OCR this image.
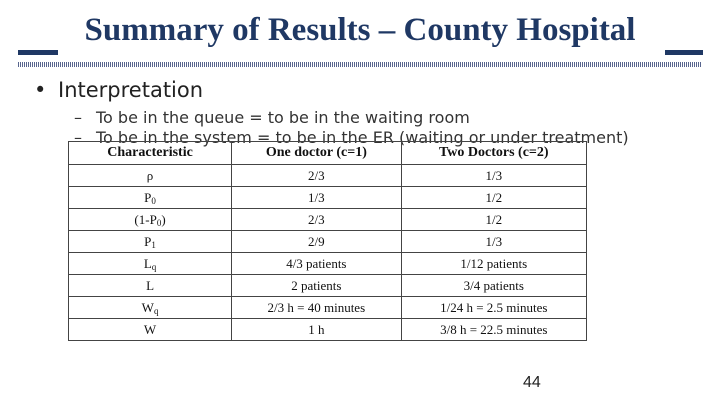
Summary of Results – County Hospital
• Interpretation
– To be in the queue = to be in the waiting room
– To be in the system = to be in the ER (waiting or under treatment)
Characteristic	One doctor (c=1)	Two Doctors (c=2)
ρ	2/3	1/3
$P_0$	1/3	1/2
$(1-P_0)$	2/3	1/2
$P_1$	2/9	1/3
$L_q$	4/3 patients	1/12 patients
L	2 patients	3/4 patients
$W_q$	2/3 h = 40 minutes	1/24 h = 2.5 minutes
W	1 h	3/8 h = 22.5 minutes
44
